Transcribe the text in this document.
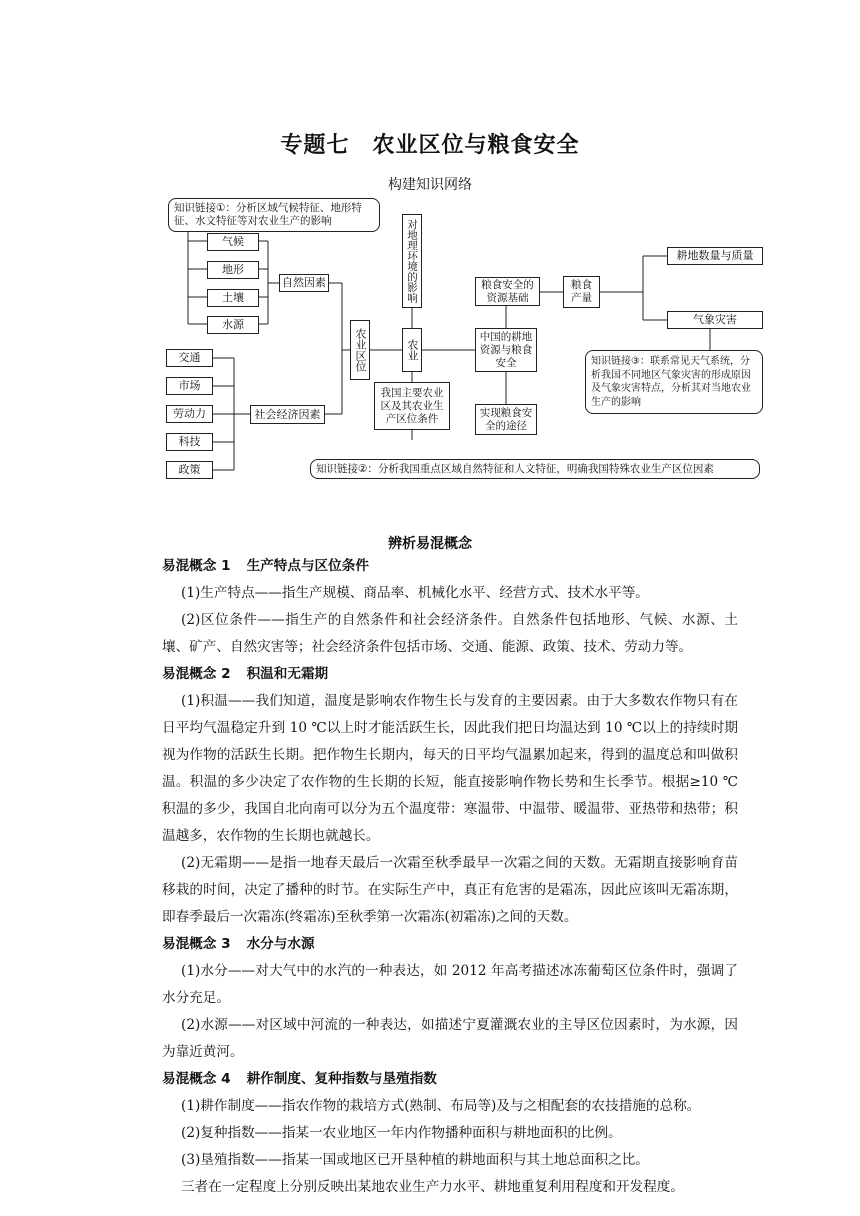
专题七　农业区位与粮食安全
构建知识网络
知识链接①：分析区域气候特征、地形特征、水文特征等对农业生产的影响
气候
地形
土壤
水源
自然因素
交通
市场
劳动力
科技
政策
社会经济因素
农业区位
对地理环境的影响
农业
我国主要农业区及其农业生产区位条件
中国的耕地资源与粮食安全
粮食安全的资源基础
粮食产量
耕地数量与质量
气象灾害
实现粮食安全的途径
知识链接③：联系常见天气系统，分析我国不同地区气象灾害的形成原因及气象灾害特点，分析其对当地农业生产的影响
知识链接②：分析我国重点区域自然特征和人文特征，明确我国特殊农业生产区位因素
辨析易混概念

易混概念 1 生产特点与区位条件

(1)生产特点——指生产规模、商品率、机械化水平、经营方式、技术水平等。

(2)区位条件——指生产的自然条件和社会经济条件。自然条件包括地形、气候、水源、土壤、矿产、自然灾害等；社会经济条件包括市场、交通、能源、政策、技术、劳动力等。

易混概念 2 积温和无霜期

(1)积温——我们知道，温度是影响农作物生长与发育的主要因素。由于大多数农作物只有在日平均气温稳定升到 10 ℃以上时才能活跃生长，因此我们把日均温达到 10 ℃以上的持续时期视为作物的活跃生长期。把作物生长期内，每天的日平均气温累加起来，得到的温度总和叫做积温。积温的多少决定了农作物的生长期的长短，能直接影响作物长势和生长季节。根据≥10 ℃积温的多少，我国自北向南可以分为五个温度带：寒温带、中温带、暖温带、亚热带和热带；积温越多，农作物的生长期也就越长。

(2)无霜期——是指一地春天最后一次霜至秋季最早一次霜之间的天数。无霜期直接影响育苗移栽的时间，决定了播种的时节。在实际生产中，真正有危害的是霜冻，因此应该叫无霜冻期，即春季最后一次霜冻(终霜冻)至秋季第一次霜冻(初霜冻)之间的天数。

易混概念 3 水分与水源

(1)水分——对大气中的水汽的一种表达，如 2012 年高考描述冰冻葡萄区位条件时，强调了水分充足。

(2)水源——对区域中河流的一种表达，如描述宁夏灌溉农业的主导区位因素时，为水源，因为靠近黄河。

易混概念 4 耕作制度、复种指数与垦殖指数

(1)耕作制度——指农作物的栽培方式(熟制、布局等)及与之相配套的农技措施的总称。

(2)复种指数——指某一农业地区一年内作物播种面积与耕地面积的比例。

(3)垦殖指数——指某一国或地区已开垦种植的耕地面积与其土地总面积之比。

三者在一定程度上分别反映出某地农业生产力水平、耕地重复利用程度和开发程度。
